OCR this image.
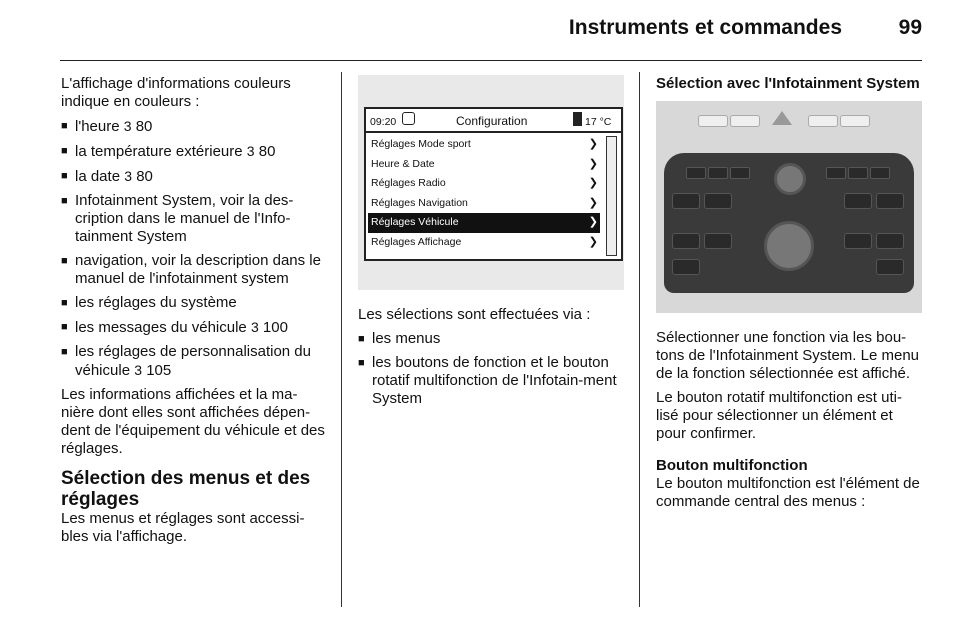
Instruments et commandes	99

L'affichage d'informations couleurs indique en couleurs :

■ l'heure 3 80
■ la température extérieure 3 80
■ la date 3 80
■ Infotainment System, voir la des-cription dans le manuel de l'Info-tainment System
■ navigation, voir la description dans le manuel de l'infotainment system
■ les réglages du système
■ les messages du véhicule 3 100
■ les réglages de personnalisation du véhicule 3 105

Les informations affichées et la ma-nière dont elles sont affichées dépen-dent de l'équipement du véhicule et des réglages.

Sélection des menus et des réglages

Les menus et réglages sont accessi-bles via l'affichage.

09:20	Configuration	17 °C
Réglages Mode sport	❯
Heure & Date	❯
Réglages Radio	❯
Réglages Navigation	❯
Réglages Véhicule	❯
Réglages Affichage	❯

Les sélections sont effectuées via :

■ les menus
■ les boutons de fonction et le bouton rotatif multifonction de l'Infotain-ment System
Sélection avec l'Infotainment System

Sélectionner une fonction via les bou-tons de l'Infotainment System. Le menu de la fonction sélectionnée est affiché.

Le bouton rotatif multifonction est uti-lisé pour sélectionner un élément et pour confirmer.

Bouton multifonction

Le bouton multifonction est l'élément de commande central des menus :
